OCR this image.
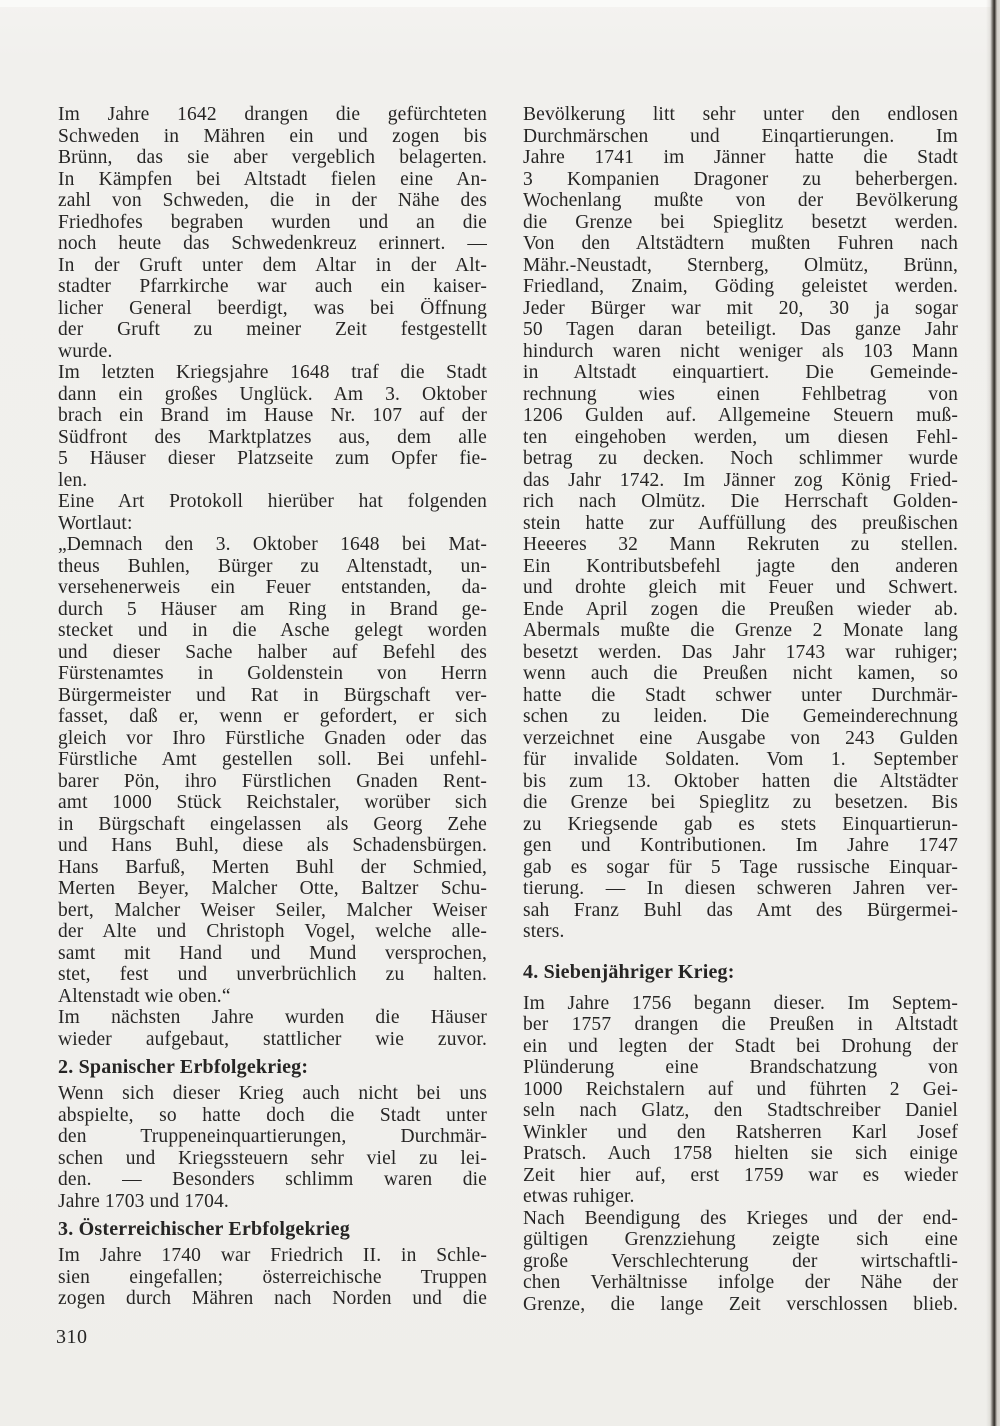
Im Jahre 1642 drangen die gefürchteten
Schweden in Mähren ein und zogen bis
Brünn, das sie aber vergeblich belagerten.
In Kämpfen bei Altstadt fielen eine An-
zahl von Schweden, die in der Nähe des
Friedhofes begraben wurden und an die
noch heute das Schwedenkreuz erinnert. —
In der Gruft unter dem Altar in der Alt-
stadter Pfarrkirche war auch ein kaiser-
licher General beerdigt, was bei Öffnung
der Gruft zu meiner Zeit festgestellt
wurde.
Im letzten Kriegsjahre 1648 traf die Stadt
dann ein großes Unglück. Am 3. Oktober
brach ein Brand im Hause Nr. 107 auf der
Südfront des Marktplatzes aus, dem alle
5 Häuser dieser Platzseite zum Opfer fie-
len.
Eine Art Protokoll hierüber hat folgenden
Wortlaut:
„Demnach den 3. Oktober 1648 bei Mat-
theus Buhlen, Bürger zu Altenstadt, un-
versehenerweis ein Feuer entstanden, da-
durch 5 Häuser am Ring in Brand ge-
stecket und in die Asche gelegt worden
und dieser Sache halber auf Befehl des
Fürstenamtes in Goldenstein von Herrn
Bürgermeister und Rat in Bürgschaft ver-
fasset, daß er, wenn er gefordert, er sich
gleich vor Ihro Fürstliche Gnaden oder das
Fürstliche Amt gestellen soll. Bei unfehl-
barer Pön, ihro Fürstlichen Gnaden Rent-
amt 1000 Stück Reichstaler, worüber sich
in Bürgschaft eingelassen als Georg Zehe
und Hans Buhl, diese als Schadensbürgen.
Hans Barfuß, Merten Buhl der Schmied,
Merten Beyer, Malcher Otte, Baltzer Schu-
bert, Malcher Weiser Seiler, Malcher Weiser
der Alte und Christoph Vogel, welche alle-
samt mit Hand und Mund versprochen,
stet, fest und unverbrüchlich zu halten.
Altenstadt wie oben.“
Im nächsten Jahre wurden die Häuser
wieder aufgebaut, stattlicher wie zuvor.
2. Spanischer Erbfolgekrieg:
Wenn sich dieser Krieg auch nicht bei uns
abspielte, so hatte doch die Stadt unter
den Truppeneinquartierungen, Durchmär-
schen und Kriegssteuern sehr viel zu lei-
den. — Besonders schlimm waren die
Jahre 1703 und 1704.
3. Österreichischer Erbfolgekrieg
Im Jahre 1740 war Friedrich II. in Schle-
sien eingefallen; österreichische Truppen
zogen durch Mähren nach Norden und die
Bevölkerung litt sehr unter den endlosen
Durchmärschen und Einqartierungen. Im
Jahre 1741 im Jänner hatte die Stadt
3 Kompanien Dragoner zu beherbergen.
Wochenlang mußte von der Bevölkerung
die Grenze bei Spieglitz besetzt werden.
Von den Altstädtern mußten Fuhren nach
Mähr.-Neustadt, Sternberg, Olmütz, Brünn,
Friedland, Znaim, Göding geleistet werden.
Jeder Bürger war mit 20, 30 ja sogar
50 Tagen daran beteiligt. Das ganze Jahr
hindurch waren nicht weniger als 103 Mann
in Altstadt einquartiert. Die Gemeinde-
rechnung wies einen Fehlbetrag von
1206 Gulden auf. Allgemeine Steuern muß-
ten eingehoben werden, um diesen Fehl-
betrag zu decken. Noch schlimmer wurde
das Jahr 1742. Im Jänner zog König Fried-
rich nach Olmütz. Die Herrschaft Golden-
stein hatte zur Auffüllung des preußischen
Heeeres 32 Mann Rekruten zu stellen.
Ein Kontributsbefehl jagte den anderen
und drohte gleich mit Feuer und Schwert.
Ende April zogen die Preußen wieder ab.
Abermals mußte die Grenze 2 Monate lang
besetzt werden. Das Jahr 1743 war ruhiger;
wenn auch die Preußen nicht kamen, so
hatte die Stadt schwer unter Durchmär-
schen zu leiden. Die Gemeinderechnung
verzeichnet eine Ausgabe von 243 Gulden
für invalide Soldaten. Vom 1. September
bis zum 13. Oktober hatten die Altstädter
die Grenze bei Spieglitz zu besetzen. Bis
zu Kriegsende gab es stets Einquartierun-
gen und Kontributionen. Im Jahre 1747
gab es sogar für 5 Tage russische Einquar-
tierung. — In diesen schweren Jahren ver-
sah Franz Buhl das Amt des Bürgermei-
sters.
4. Siebenjähriger Krieg:
Im Jahre 1756 begann dieser. Im Septem-
ber 1757 drangen die Preußen in Altstadt
ein und legten der Stadt bei Drohung der
Plünderung eine Brandschatzung von
1000 Reichstalern auf und führten 2 Gei-
seln nach Glatz, den Stadtschreiber Daniel
Winkler und den Ratsherren Karl Josef
Pratsch. Auch 1758 hielten sie sich einige
Zeit hier auf, erst 1759 war es wieder
etwas ruhiger.
Nach Beendigung des Krieges und der end-
gültigen Grenzziehung zeigte sich eine
große Verschlechterung der wirtschaftli-
chen Verhältnisse infolge der Nähe der
Grenze, die lange Zeit verschlossen blieb.
310
